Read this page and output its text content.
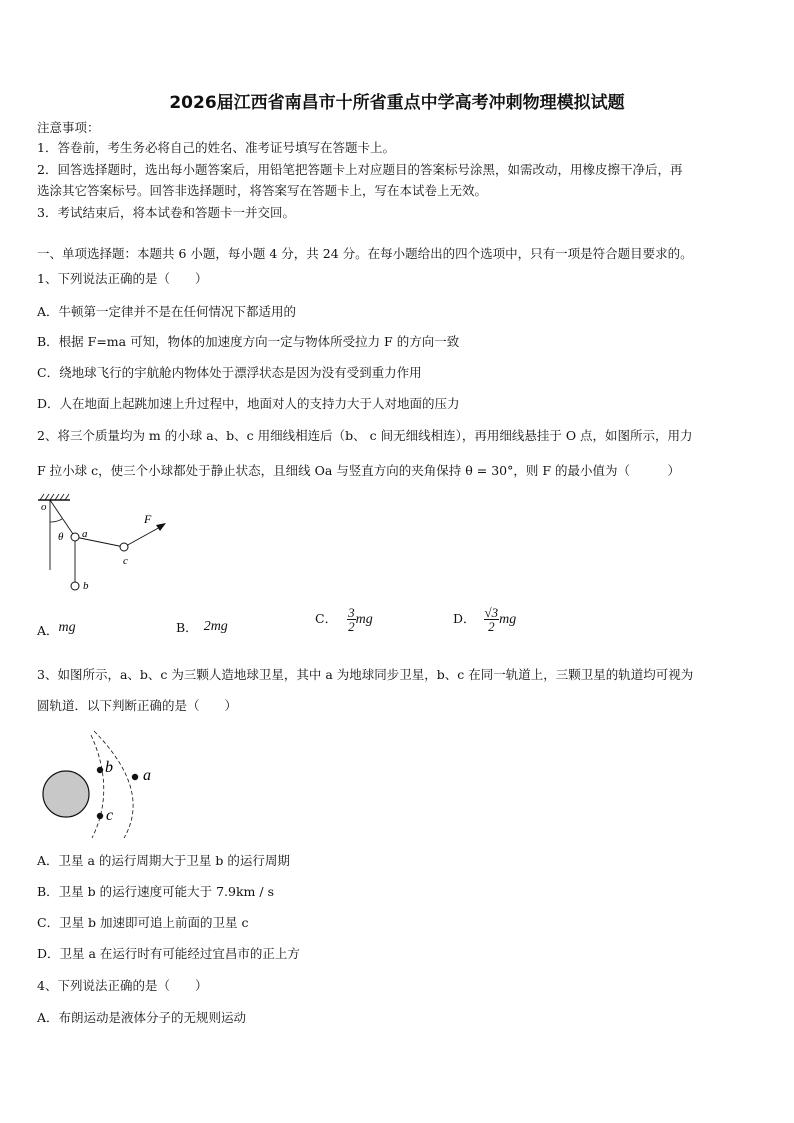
2026届江西省南昌市十所省重点中学高考冲刺物理模拟试题
注意事项：
1．答卷前，考生务必将自己的姓名、准考证号填写在答题卡上。
2．回答选择题时，选出每小题答案后，用铅笔把答题卡上对应题目的答案标号涂黑，如需改动，用橡皮擦干净后，再
选涂其它答案标号。回答非选择题时，将答案写在答题卡上，写在本试卷上无效。
3．考试结束后，将本试卷和答题卡一并交回。
一、单项选择题：本题共 6 小题，每小题 4 分，共 24 分。在每小题给出的四个选项中，只有一项是符合题目要求的。
1、下列说法正确的是（　　）
A．牛顿第一定律并不是在任何情况下都适用的
B．根据 F=ma 可知，物体的加速度方向一定与物体所受拉力 F 的方向一致
C．绕地球飞行的宇航舱内物体处于漂浮状态是因为没有受到重力作用
D．人在地面上起跳加速上升过程中，地面对人的支持力大于人对地面的压力
2、将三个质量均为 m 的小球 a、b、c 用细线相连后（b、 c 间无细线相连），再用细线悬挂于 O 点，如图所示，用力
F 拉小球 c，使三个小球都处于静止状态，且细线 Oa 与竖直方向的夹角保持 θ = 30°，则 F 的最小值为（　　　）
o
θ a
b
c
F
A．mg	B． 2mg
C． $\frac{3}{2}$ mg	D． $\frac{√3}{2}$ mg
3、如图所示，a、b、c 为三颗人造地球卫星，其中 a 为地球同步卫星，b、c 在同一轨道上，三颗卫星的轨道均可视为
圆轨道．以下判断正确的是（　　）
b
c
a
A．卫星 a 的运行周期大于卫星 b 的运行周期
B．卫星 b 的运行速度可能大于 7.9km / s
C．卫星 b 加速即可追上前面的卫星 c
D．卫星 a 在运行时有可能经过宜昌市的正上方
4、下列说法正确的是（　　）
A．布朗运动是液体分子的无规则运动
